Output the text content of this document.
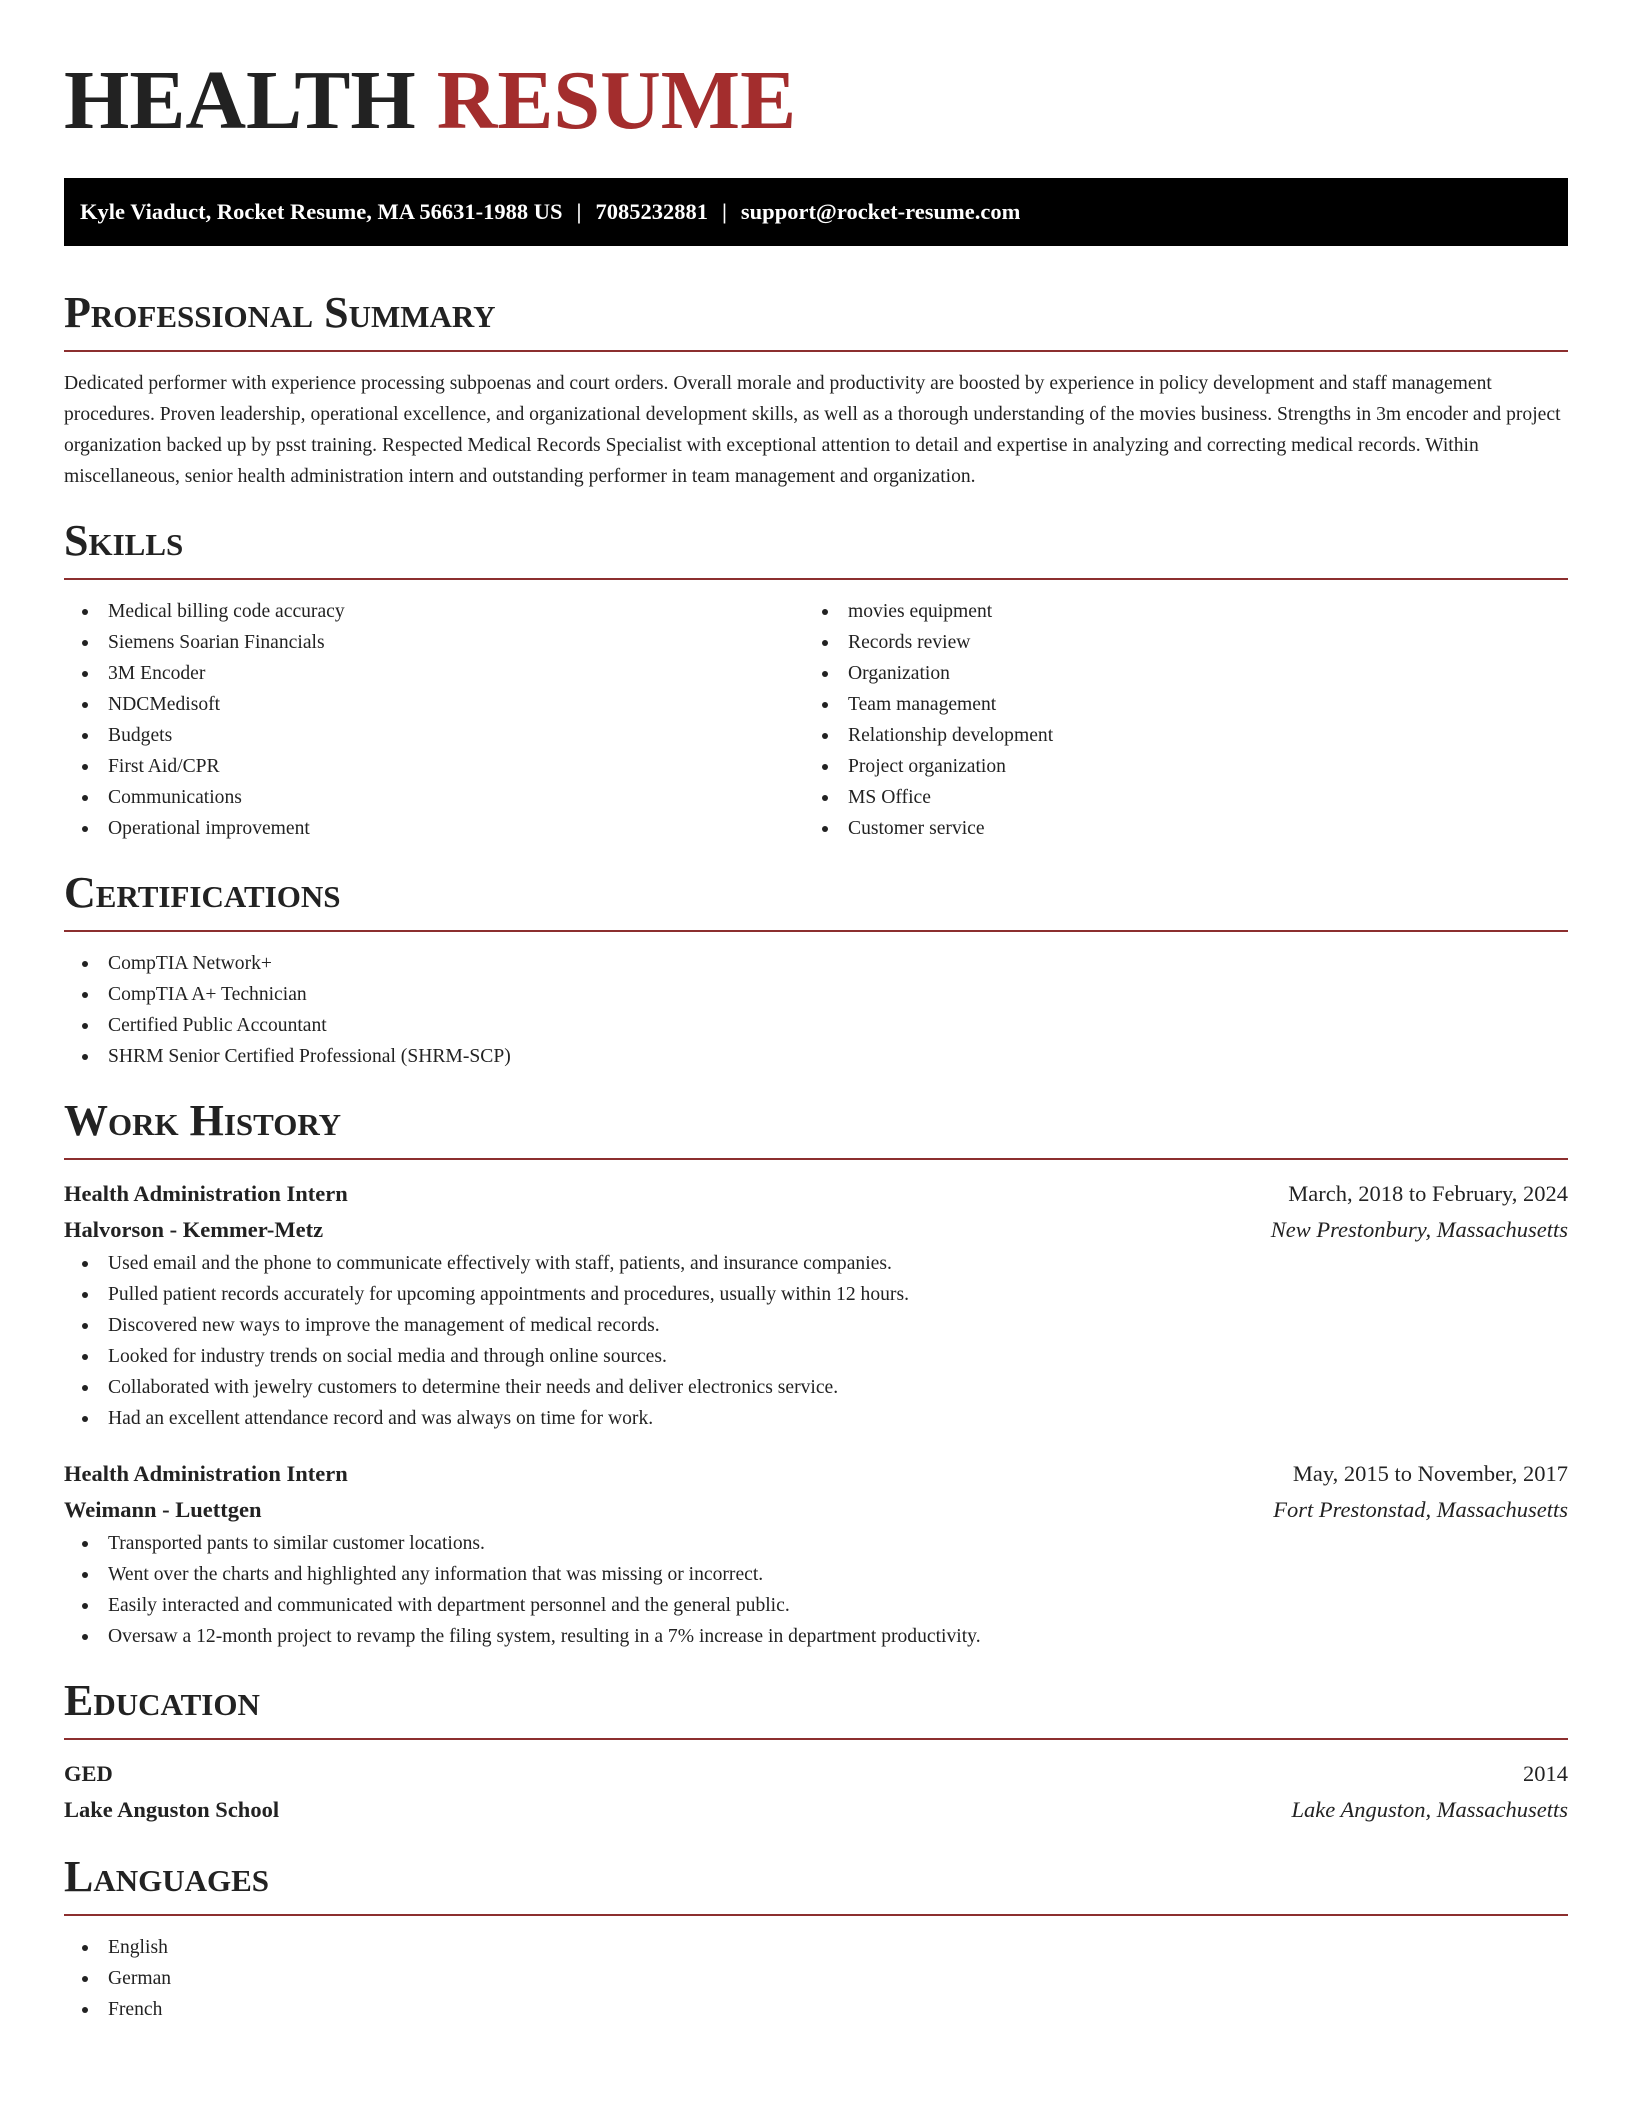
HEALTH RESUME
Kyle Viaduct, Rocket Resume, MA 56631-1988 US | 7085232881 | support@rocket-resume.com
Professional Summary

Dedicated performer with experience processing subpoenas and court orders. Overall morale and productivity are boosted by experience in policy development and staff management procedures. Proven leadership, operational excellence, and organizational development skills, as well as a thorough understanding of the movies business. Strengths in 3m encoder and project organization backed up by psst training. Respected Medical Records Specialist with exceptional attention to detail and expertise in analyzing and correcting medical records. Within miscellaneous, senior health administration intern and outstanding performer in team management and organization.

Skills
Medical billing code accuracy
Siemens Soarian Financials
3M Encoder
NDCMedisoft
Budgets
First Aid/CPR
Communications
Operational improvement
movies equipment
Records review
Organization
Team management
Relationship development
Project organization
MS Office
Customer service
Certifications
CompTIA Network+
CompTIA A+ Technician
Certified Public Accountant
SHRM Senior Certified Professional (SHRM-SCP)
Work History
Health Administration Intern	March, 2018 to February, 2024
Halvorson - Kemmer-Metz	New Prestonbury, Massachusetts
Used email and the phone to communicate effectively with staff, patients, and insurance companies.
Pulled patient records accurately for upcoming appointments and procedures, usually within 12 hours.
Discovered new ways to improve the management of medical records.
Looked for industry trends on social media and through online sources.
Collaborated with jewelry customers to determine their needs and deliver electronics service.
Had an excellent attendance record and was always on time for work.
Health Administration Intern	May, 2015 to November, 2017
Weimann - Luettgen	Fort Prestonstad, Massachusetts
Transported pants to similar customer locations.
Went over the charts and highlighted any information that was missing or incorrect.
Easily interacted and communicated with department personnel and the general public.
Oversaw a 12-month project to revamp the filing system, resulting in a 7% increase in department productivity.
Education
GED	2014
Lake Anguston School	Lake Anguston, Massachusetts
Languages
English
German
French
